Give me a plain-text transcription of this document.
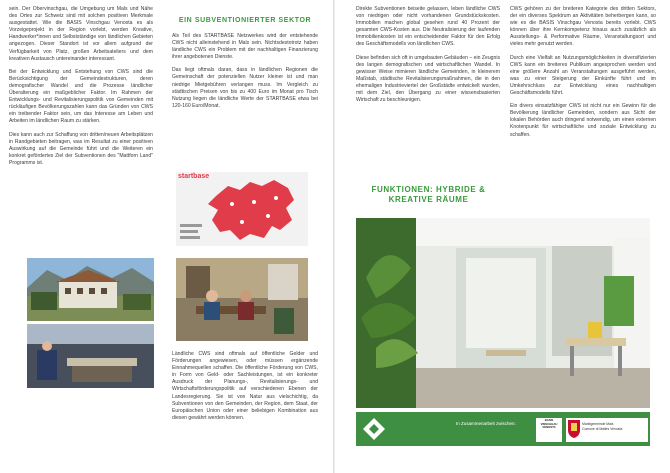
sein. Der Obervinschgau, die Umgebung um Mals und Nähe des Ortes zur Schweiz sind mit solchen positiven Merkmale ausgestattet. Wie die BASIS Vinschgau Venosta es als Vorzeigeprojekt in der Region vorlebt, werden Kreative, Handwerker*innen und Selbstständige von ländlichen Gebieten angezogen. Dieser Standort ist vor allem aufgrund der Verfügbarkeit von Platz, großen Arbeitsateliers und dem kreativen Austausch untereinander interessant.

Bei der Entwicklung und Entstehung von CWS sind die Berücksichtigung der Gemeindestrukturen, deren demografischer Wandel und die Prozesse ländlicher Überalterung ein maßgeblicher Faktor. Im Rahmen der Entwicklungs- und Revitalisierungspolitik von Gemeinden mit rückläufigen Bevölkerungszahlen kann das Gründen von CWS ein treibender Faktor sein, um das Interesse am Leben und Arbeiten im ländlichen Raum zu stärken.

Dies kann auch zur Schaffung von dritten/neuen Arbeitsplätzen in Randgebieten beitragen, was im Resultat zu einer positiven Auswirkung auf die Gemeinde führt und die Weiteren ein konkret gefördertes Ziel der Subventionen des "Mattforn Land" Programms ist.

EIN SUBVENTIONIERTER SEKTOR

Als Teil des STARTBASE Netzwerkes wird der entstehende CWS nicht alleinstehend in Mals sein. Nichtsdestotrotz haben ländliche CWS ein Problem mit der nachhaltigen Finanzierung ihrer angebotenen Dienste.

Das liegt oftmals daran, dass in ländlichen Regionen die Gemeinschaft der potenziellen Nutzer kleiner ist und man niedrige Mietgebühren verlangen muss. Im Vergleich zu städtischen Preisen von bis zu 400 Euro im Monat pro Tisch Nutzung liegen die ländliche Werte der STARTBASE etwa bei 120-160 Euro/Monat.

startbase

Ländliche CWS sind oftmals auf öffentliche Gelder und Förderungen angewiesen, oder müssen ergänzende Einnahmequellen schaffen. Die öffentliche Förderung von CWS, in Form von Geld- oder Sachleistungen, ist ein konkreter Ausdruck der Planungs-, Revitalisierungs- und Wirtschaftsförderungspolitik auf verschiedenen Ebenen der Landesregierung. Sie ist von Natur aus vielschichtig, da Subventionen von den Gemeinden, der Region, dem Staat, der Europäischen Union oder einer beliebigen Kombination aus diesen gewährt werden können.

Direkte Subventionen beiseite gelassen, leben ländliche CWS von niedrigen oder nicht vorhandenen Grundstückskosten. Immobilien machen global gesehen rund 40 Prozent der gesamten CWS-Kosten aus. Die Neutralisierung der laufenden Immobilienkosten ist ein entscheidender Faktor für den Erfolg des Geschäftsmodells von ländlichen CWS.

Diese befinden sich oft in umgebauten Gebäuden – ein Zeugnis des langen demografischen und wirtschaftlichen Wandel. In gewisser Weise mimieren ländliche Gemeinden, in kleinerem Maßstab, städtische Revitalisierungsmaßnahmen, die in den ehemaligen Industrieviertel der Großstädte entwickelt wurden, mit dem Ziel, den Übergang zu einer wissensbasierten Wirtschaft zu beschleunigen.

CWS gehören zu der breiteren Kategorie des dritten Sektors, der ein diverses Spektrum an Aktivitäten beherbergen kann, so wie es die BASIS Vinschgau Venosta bereits vorlebt. CWS können über ihre Kernkompetenz hinaus auch zusätzlich als Ausstellungs- & Performative Räume, Veranstaltungsort und vieles mehr genutzt werden.

Durch eine Vielfalt an Nutzungsmöglichkeiten in diversifizierten CWS kann ein breiteres Publikum angesprochen werden und eine größere Anzahl an Veranstaltungen ausgeführt werden, was zu einer Steigerung der Einkünfte führt und im Umkehrschluss zur Entwicklung eines nachhaltigen Geschäftsmodells führt.

Ein divers einsatzfähiger CWS ist nicht nur ein Gewinn für die Bevölkerung ländlicher Gemeinden, sondern aus Sicht der lokalen Behörden auch dringend notwendig, um einen externen Knotenpunkt für wirtschaftliche und soziale Entwicklung zu schaffen.

FUNKTIONEN: HYBRIDE & KREATIVE RÄUME
In Zusammenarbeit zwischen:
BASIS VINSCHGAU VENOSTA
Marktgemeinde Mals
Comune di Malles Venosta
